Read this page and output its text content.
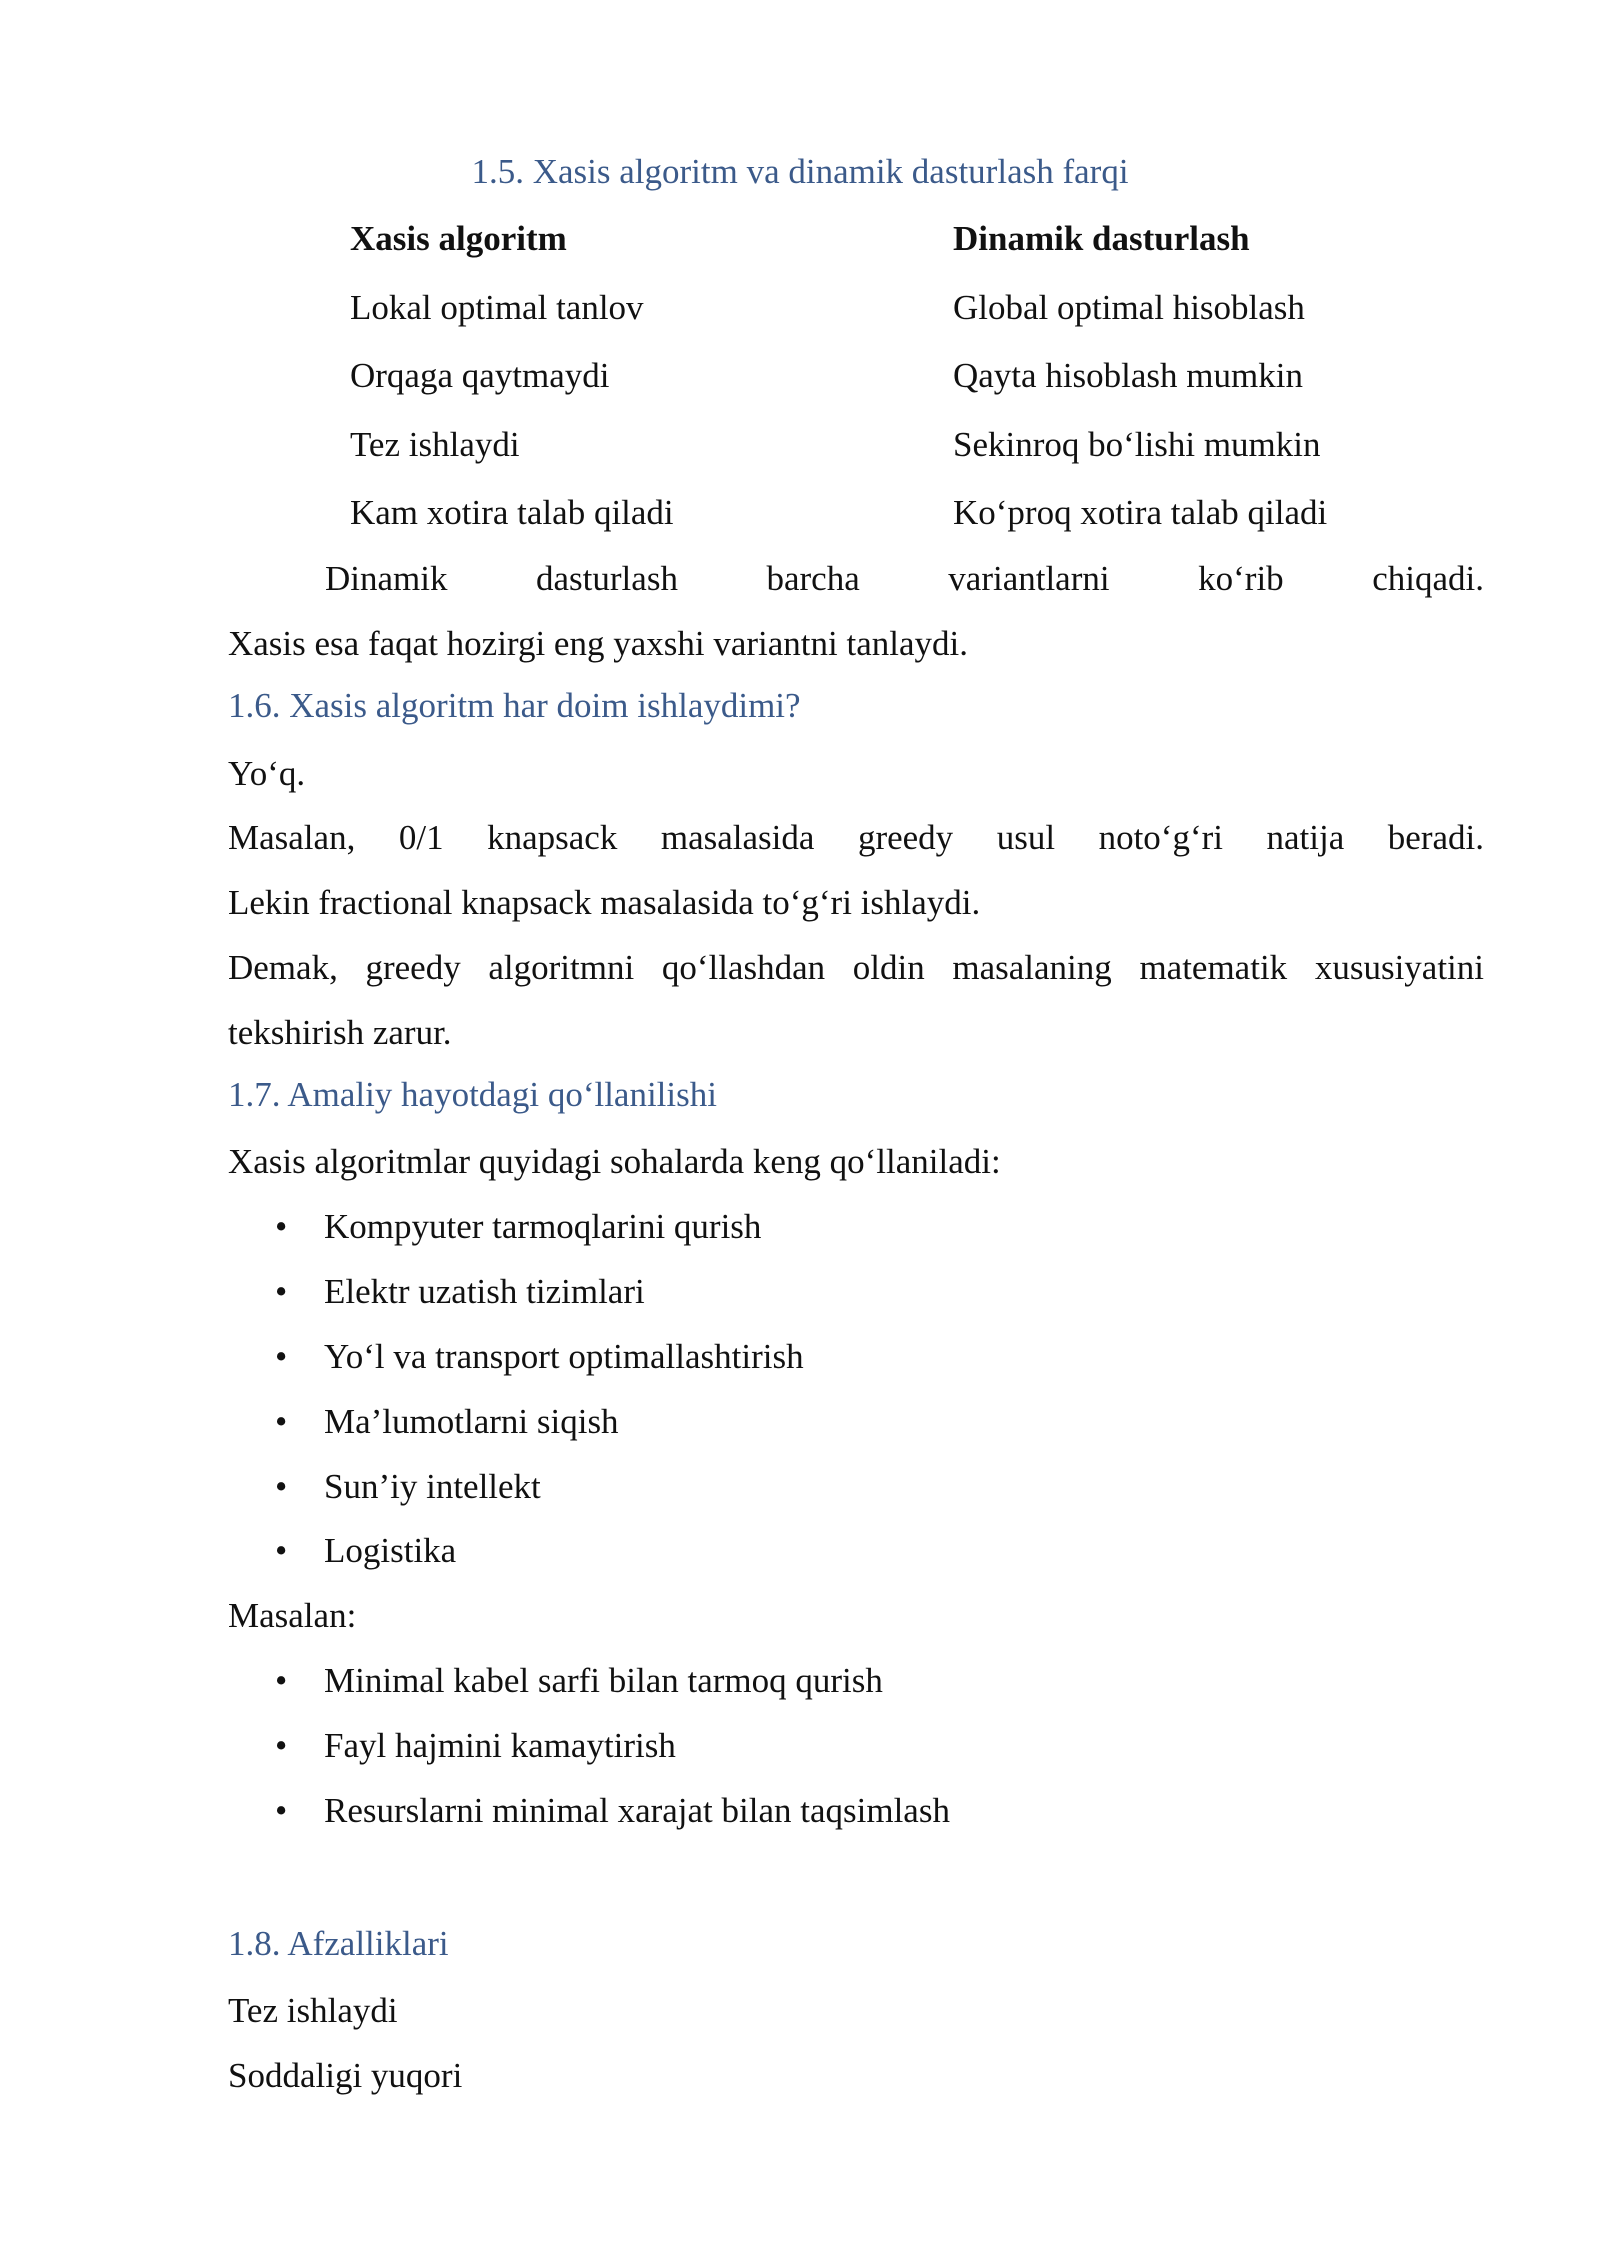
1.5. Xasis algoritm va dinamik dasturlash farqi

Xasis algoritm	Dinamik dasturlash

Lokal optimal tanlov	Global optimal hisoblash

Orqaga qaytmaydi	Qayta hisoblash mumkin

Tez ishlaydi	Sekinroq bo‘lishi mumkin

Kam xotira talab qiladi	Ko‘proq xotira talab qiladi

Dinamik dasturlash barcha variantlarni ko‘rib chiqadi.

Xasis esa faqat hozirgi eng yaxshi variantni tanlaydi.

1.6. Xasis algoritm har doim ishlaydimi?

Yo‘q.

Masalan, 0/1 knapsack masalasida greedy usul noto‘g‘ri natija beradi.

Lekin fractional knapsack masalasida to‘g‘ri ishlaydi.

Demak, greedy algoritmni qo‘llashdan oldin masalaning matematik xususiyatini

tekshirish zarur.

1.7. Amaliy hayotdagi qo‘llanilishi

Xasis algoritmlar quyidagi sohalarda keng qo‘llaniladi:

• Kompyuter tarmoqlarini qurish
• Elektr uzatish tizimlari
• Yo‘l va transport optimallashtirish
• Ma’lumotlarni siqish
• Sun’iy intellekt
• Logistika

Masalan:

• Minimal kabel sarfi bilan tarmoq qurish
• Fayl hajmini kamaytirish
• Resurslarni minimal xarajat bilan taqsimlash
1.8. Afzalliklari

Tez ishlaydi

Soddaligi yuqori
